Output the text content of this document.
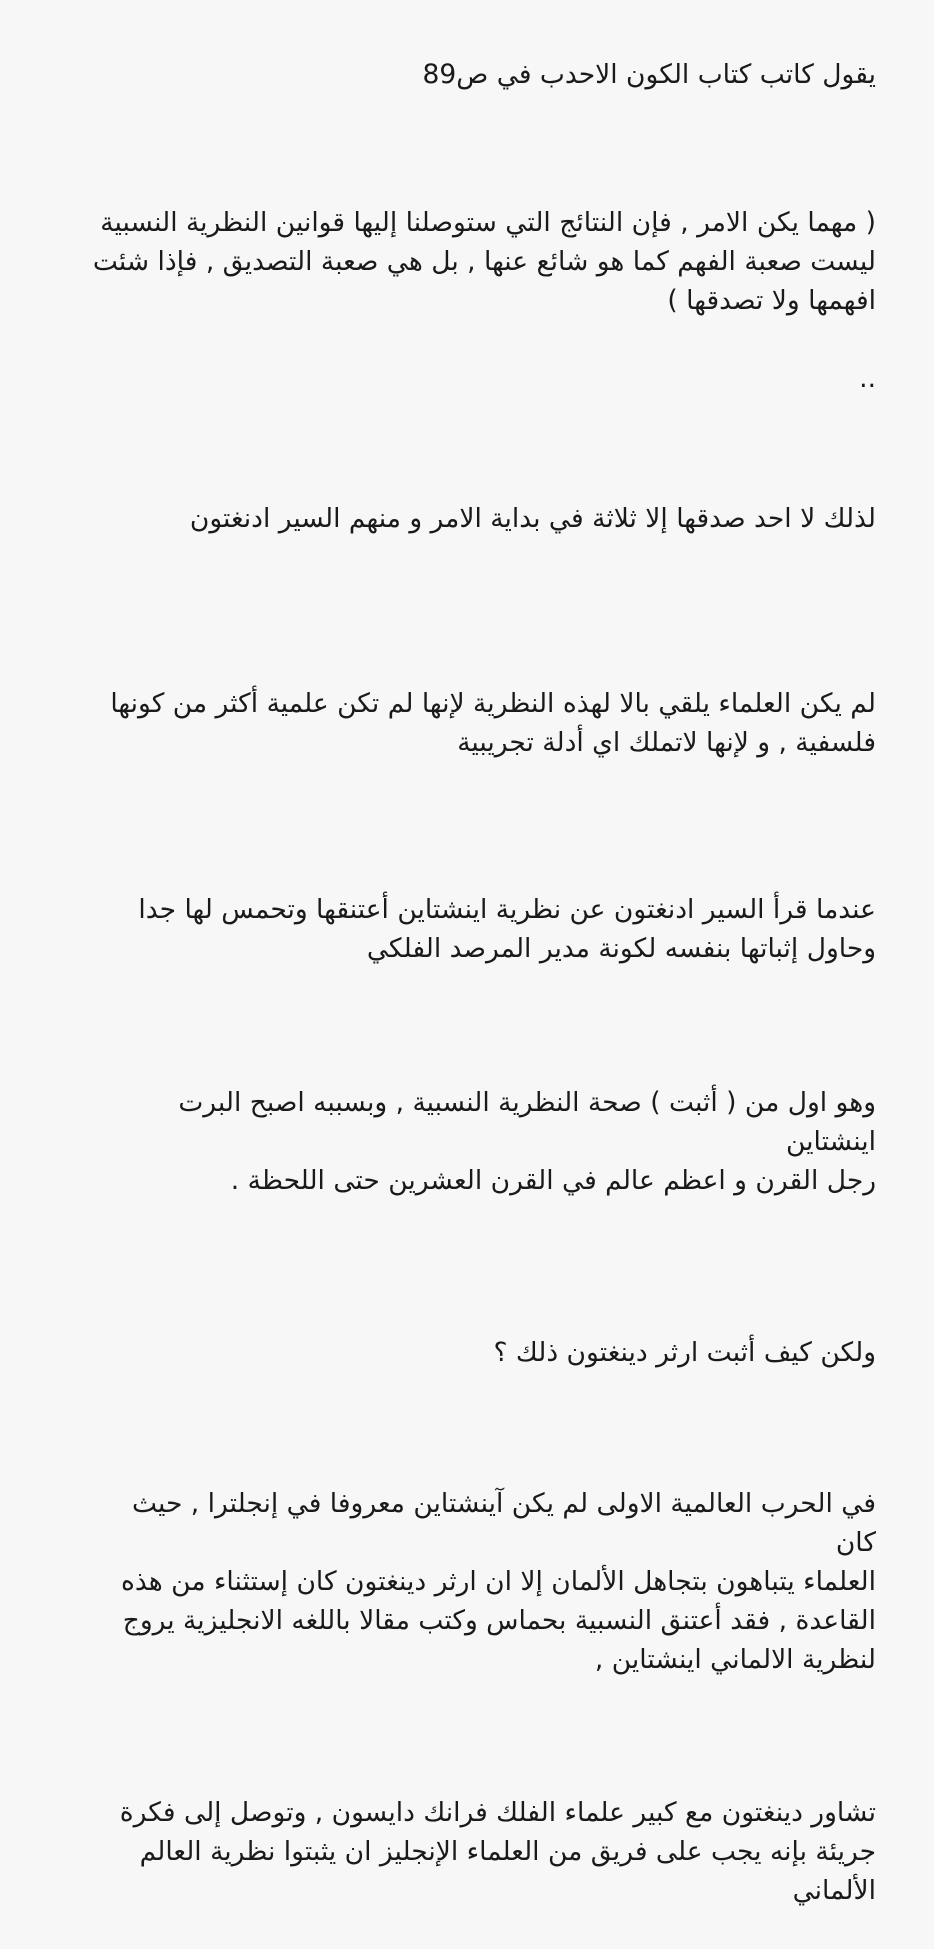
يقول كاتب كتاب الكون الاحدب في ص89

( مهما يكن الامر , فإن النتائج التي ستوصلنا إليها قوانين النظرية النسبية
ليست صعبة الفهم كما هو شائع عنها , بل هي صعبة التصديق , فإذا شئت
افهمها ولا تصدقها )

..

لذلك لا احد صدقها إلا ثلاثة في بداية الامر و منهم السير ادنغتون

لم يكن العلماء يلقي بالا لهذه النظرية لإنها لم تكن علمية أكثر من كونها
فلسفية , و لإنها لاتملك اي أدلة تجريبية

عندما قرأ السير ادنغتون عن نظرية اينشتاين أعتنقها وتحمس لها جدا
وحاول إثباتها بنفسه لكونة مدير المرصد الفلكي

وهو اول من ( أثبت ) صحة النظرية النسبية , وبسببه اصبح البرت اينشتاين
رجل القرن و اعظم عالم في القرن العشرين حتى اللحظة .

ولكن كيف أثبت ارثر دينغتون ذلك ؟

في الحرب العالمية الاولى لم يكن آينشتاين معروفا في إنجلترا , حيث كان
العلماء يتباهون بتجاهل الألمان إلا ان ارثر دينغتون كان إستثناء من هذه
القاعدة , فقد أعتنق النسبية بحماس وكتب مقالا باللغه الانجليزية يروج
لنظرية الالماني اينشتاين ,

تشاور دينغتون مع كبير علماء الفلك فرانك دايسون , وتوصل إلى فكرة
جريئة بإنه يجب على فريق من العلماء الإنجليز ان يثبتوا نظرية العالم
الألماني
